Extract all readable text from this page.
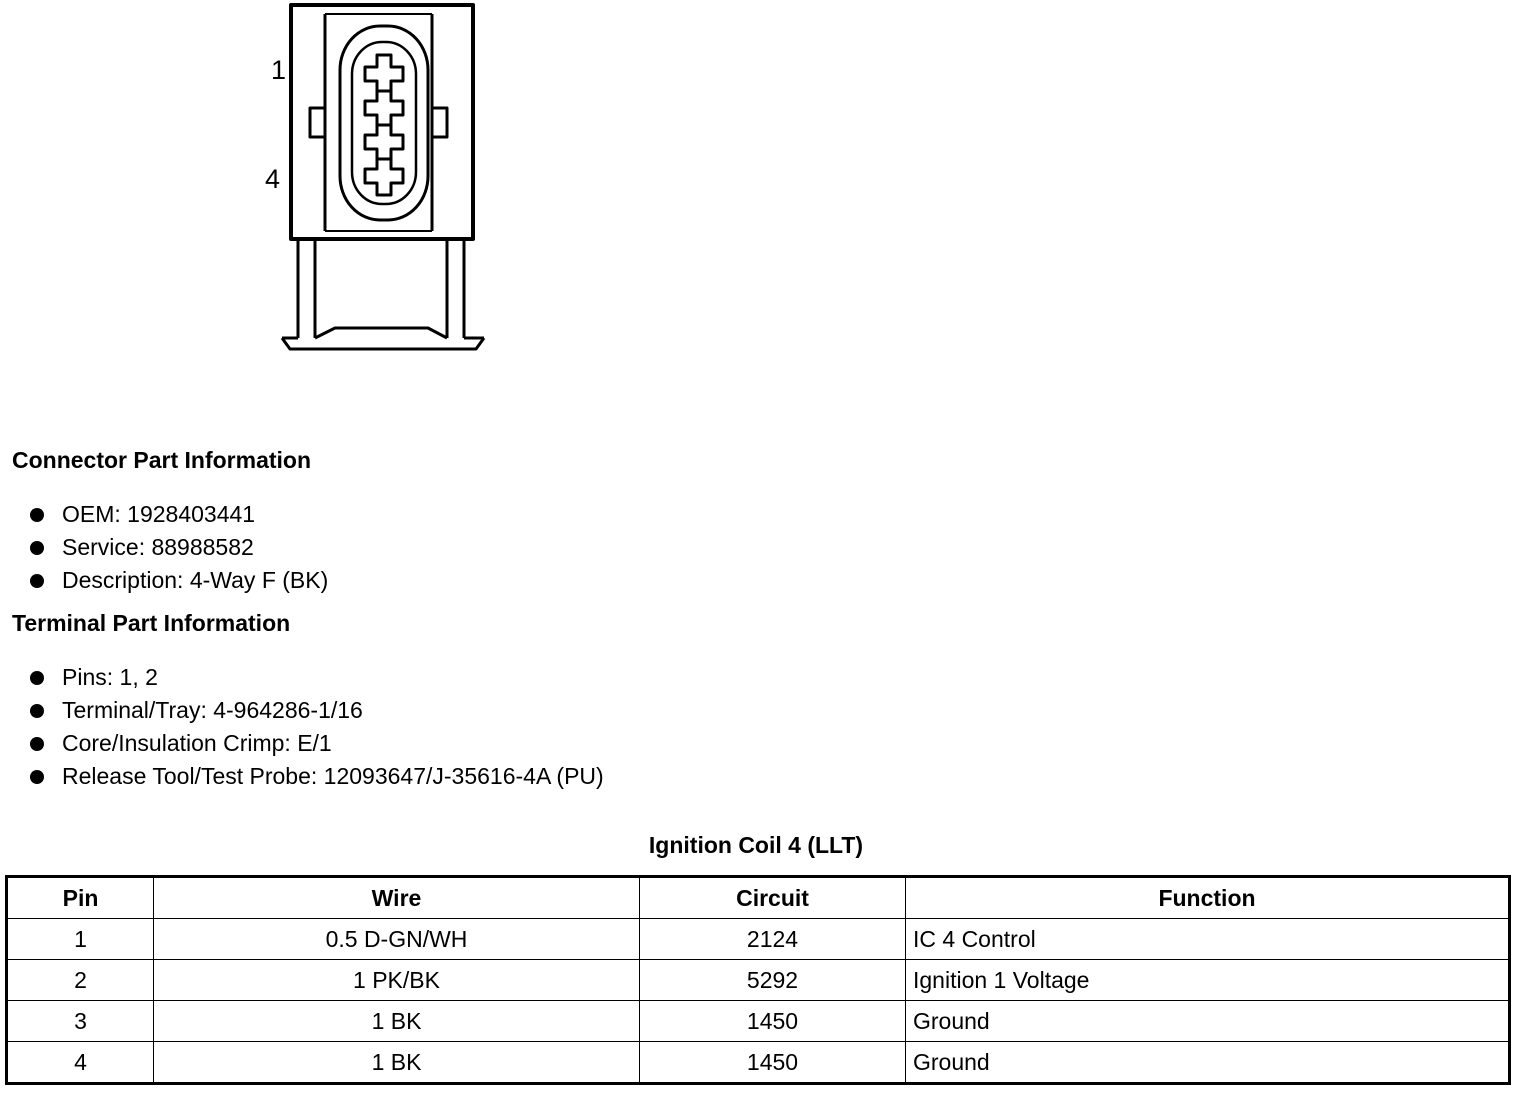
1
4
Connector Part Information
OEM: 1928403441
Service: 88988582
Description: 4-Way F (BK)
Terminal Part Information
Pins: 1, 2
Terminal/Tray: 4-964286-1/16
Core/Insulation Crimp: E/1
Release Tool/Test Probe: 12093647/J-35616-4A (PU)
Ignition Coil 4 (LLT)
Pin	Wire	Circuit	Function
1	0.5 D-GN/WH	2124	IC 4 Control
2	1 PK/BK	5292	Ignition 1 Voltage
3	1 BK	1450	Ground
4	1 BK	1450	Ground
